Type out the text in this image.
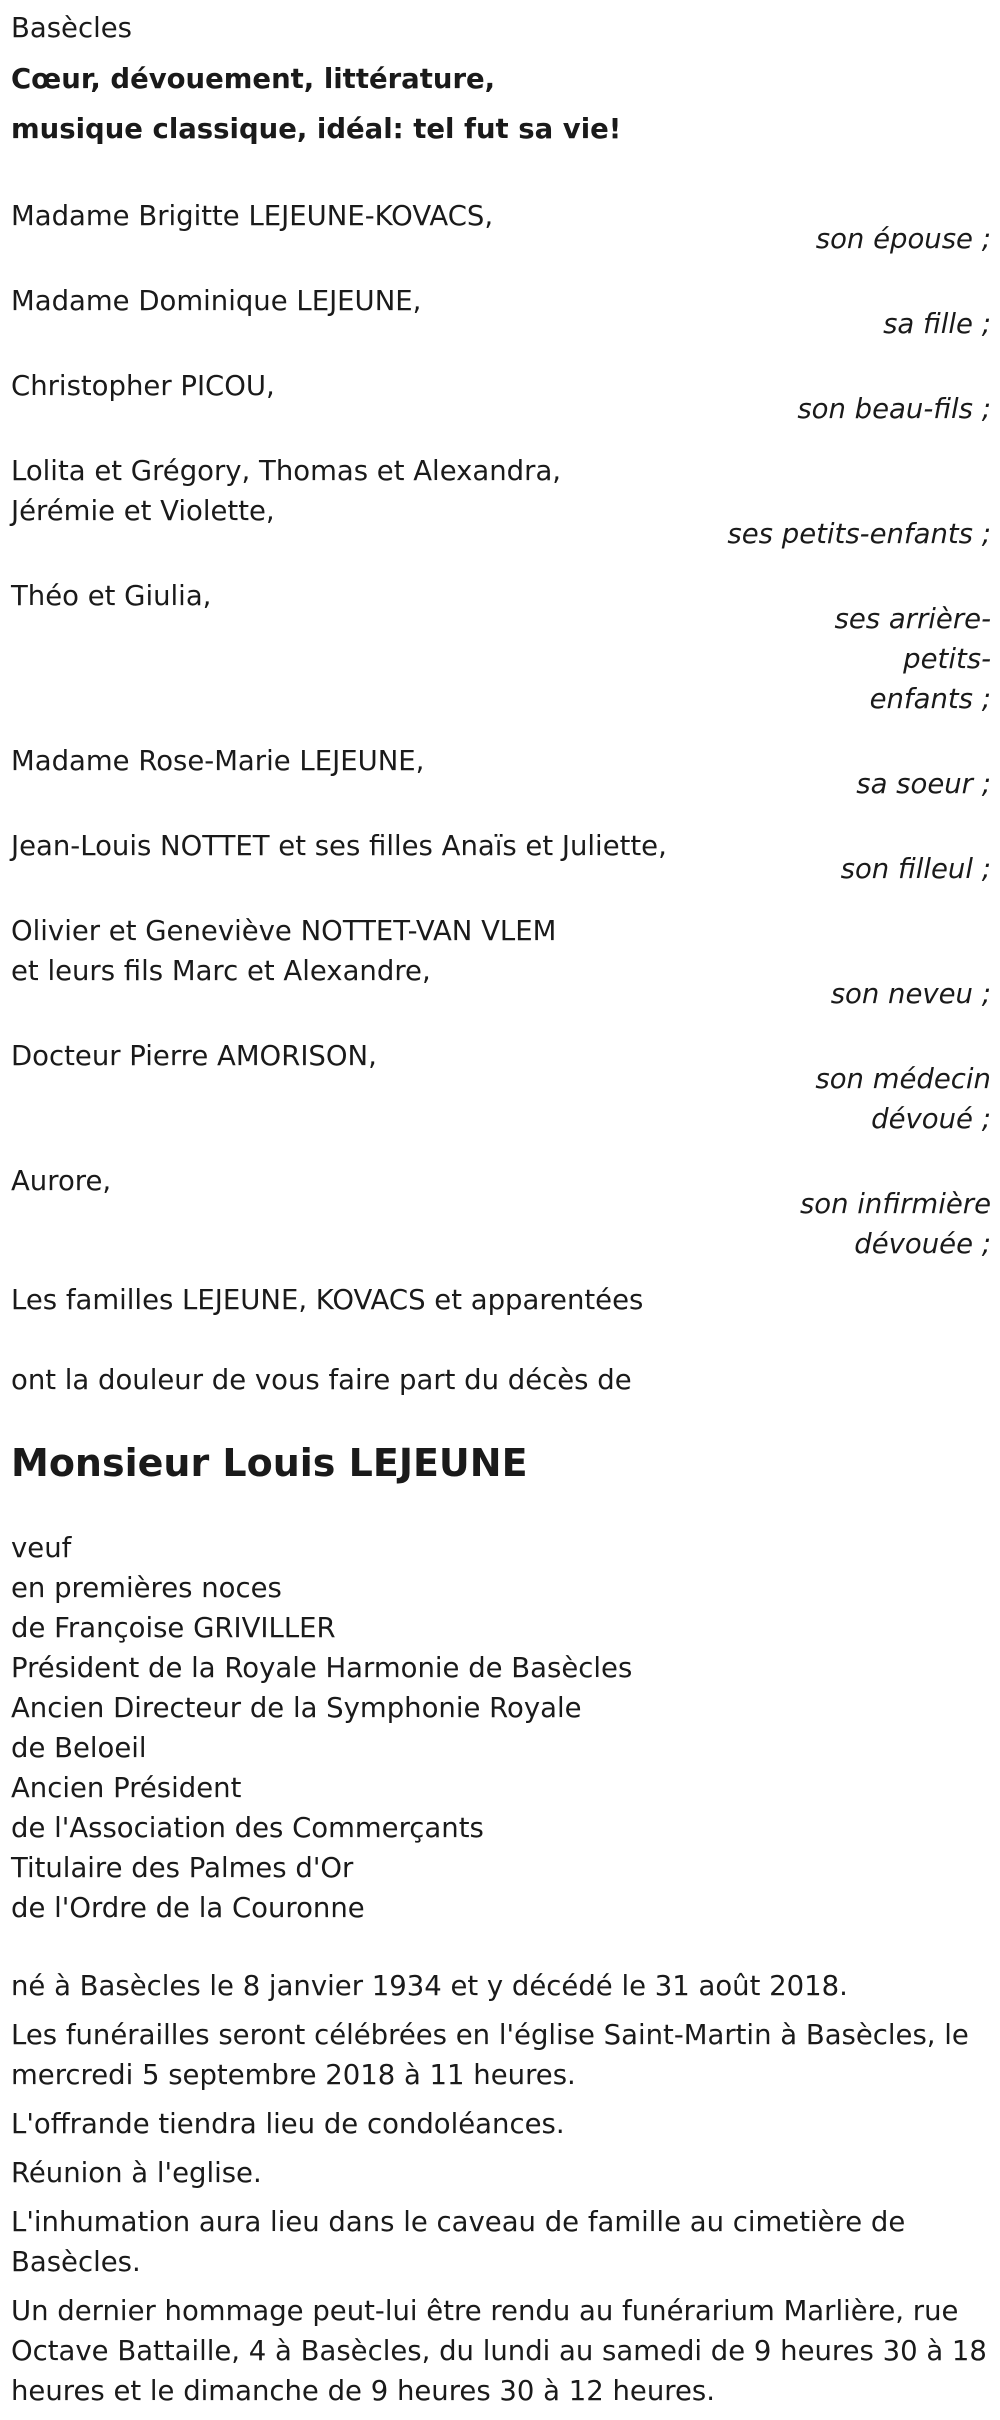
Basècles
Cœur, dévouement, littérature,
musique classique, idéal: tel fut sa vie!
Madame Brigitte LEJEUNE-KOVACS,
son épouse ;
Madame Dominique LEJEUNE,
sa fille ;
Christopher PICOU,
son beau-fils ;
Lolita et Grégory, Thomas et Alexandra,
Jérémie et Violette,
ses petits-enfants ;
Théo et Giulia,
ses arrière-petits-
enfants ;
Madame Rose-Marie LEJEUNE,
sa soeur ;
Jean-Louis NOTTET et ses filles Anaïs et Juliette,
son filleul ;
Olivier et Geneviève NOTTET-VAN VLEM
et leurs fils Marc et Alexandre,
son neveu ;
Docteur Pierre AMORISON,
son médecin
dévoué ;
Aurore,
son infirmière
dévouée ;
Les familles LEJEUNE, KOVACS et apparentées
ont la douleur de vous faire part du décès de
Monsieur Louis LEJEUNE
veuf
en premières noces
de Françoise GRIVILLER
Président de la Royale Harmonie de Basècles
Ancien Directeur de la Symphonie Royale
de Beloeil
Ancien Président
de l'Association des Commerçants
Titulaire des Palmes d'Or
de l'Ordre de la Couronne

né à Basècles le 8 janvier 1934 et y décédé le 31 août 2018.

Les funérailles seront célébrées en l'église Saint-Martin à Basècles, le mercredi 5 septembre 2018 à 11 heures.

L'offrande tiendra lieu de condoléances.

Réunion à l'eglise.

L'inhumation aura lieu dans le caveau de famille au cimetière de Basècles.

Un dernier hommage peut-lui être rendu au funérarium Marlière, rue Octave Battaille, 4 à Basècles, du lundi au samedi de 9 heures 30 à 18 heures et le dimanche de 9 heures 30 à 12 heures.
